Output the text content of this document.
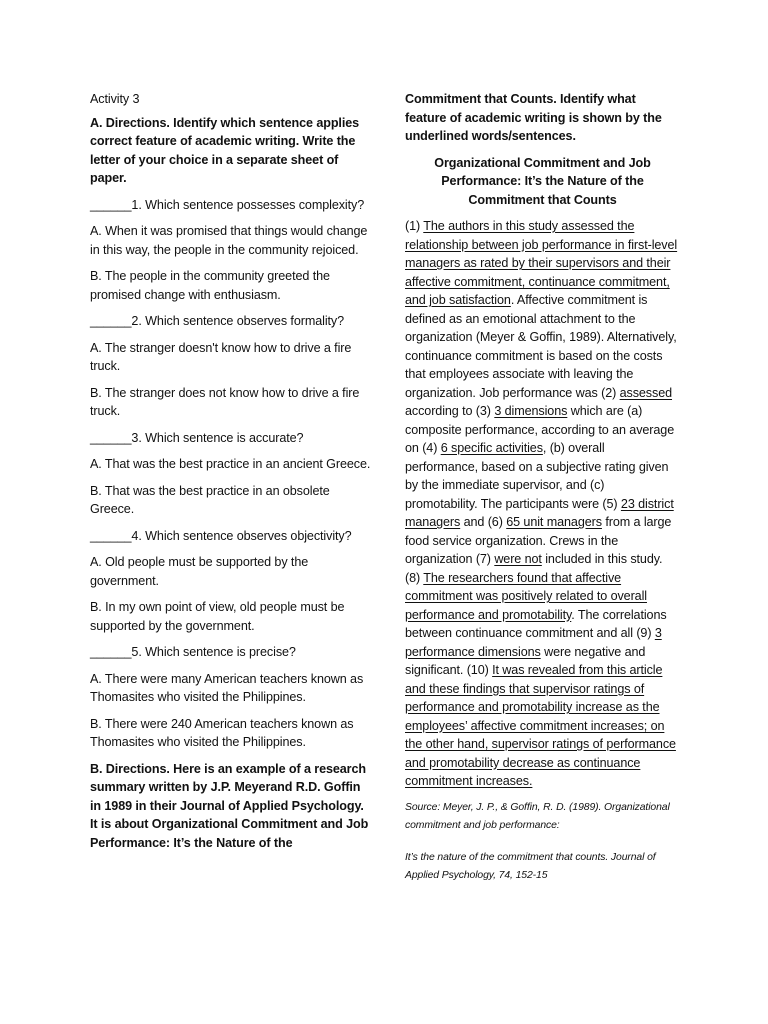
Activity 3

A. Directions. Identify which sentence applies correct feature of academic writing. Write the letter of your choice in a separate sheet of paper.

______1. Which sentence possesses complexity?

A. When it was promised that things would change in this way, the people in the community rejoiced.

B. The people in the community greeted the promised change with enthusiasm.

______2. Which sentence observes formality?

A. The stranger doesn't know how to drive a fire truck.

B. The stranger does not know how to drive a fire truck.

______3. Which sentence is accurate?

A. That was the best practice in an ancient Greece.

B. That was the best practice in an obsolete Greece.

______4. Which sentence observes objectivity?

A. Old people must be supported by the government.

B. In my own point of view, old people must be supported by the government.

______5. Which sentence is precise?

A. There were many American teachers known as Thomasites who visited the Philippines.

B. There were 240 American teachers known as Thomasites who visited the Philippines.

B. Directions. Here is an example of a research summary written by J.P. Meyerand R.D. Goffin in 1989 in their Journal of Applied Psychology. It is about Organizational Commitment and Job Performance: It’s the Nature of the

Commitment that Counts. Identify what feature of academic writing is shown by the underlined words/sentences.

Organizational Commitment and Job Performance: It’s the Nature of the Commitment that Counts

(1) The authors in this study assessed the relationship between job performance in first-level managers as rated by their supervisors and their affective commitment, continuance commitment, and job satisfaction. Affective commitment is defined as an emotional attachment to the organization (Meyer & Goffin, 1989). Alternatively, continuance commitment is based on the costs that employees associate with leaving the organization. Job performance was (2) assessed according to (3) 3 dimensions which are (a) composite performance, according to an average on (4) 6 specific activities, (b) overall performance, based on a subjective rating given by the immediate supervisor, and (c) promotability. The participants were (5) 23 district managers and (6) 65 unit managers from a large food service organization. Crews in the organization (7) were not included in this study. (8) The researchers found that affective commitment was positively related to overall performance and promotability. The correlations between continuance commitment and all (9) 3 performance dimensions were negative and significant. (10) It was revealed from this article and these findings that supervisor ratings of performance and promotability increase as the employees’ affective commitment increases; on the other hand, supervisor ratings of performance and promotability decrease as continuance commitment increases.

Source: Meyer, J. P., & Goffin, R. D. (1989). Organizational commitment and job performance:

It’s the nature of the commitment that counts. Journal of Applied Psychology, 74, 152-15
